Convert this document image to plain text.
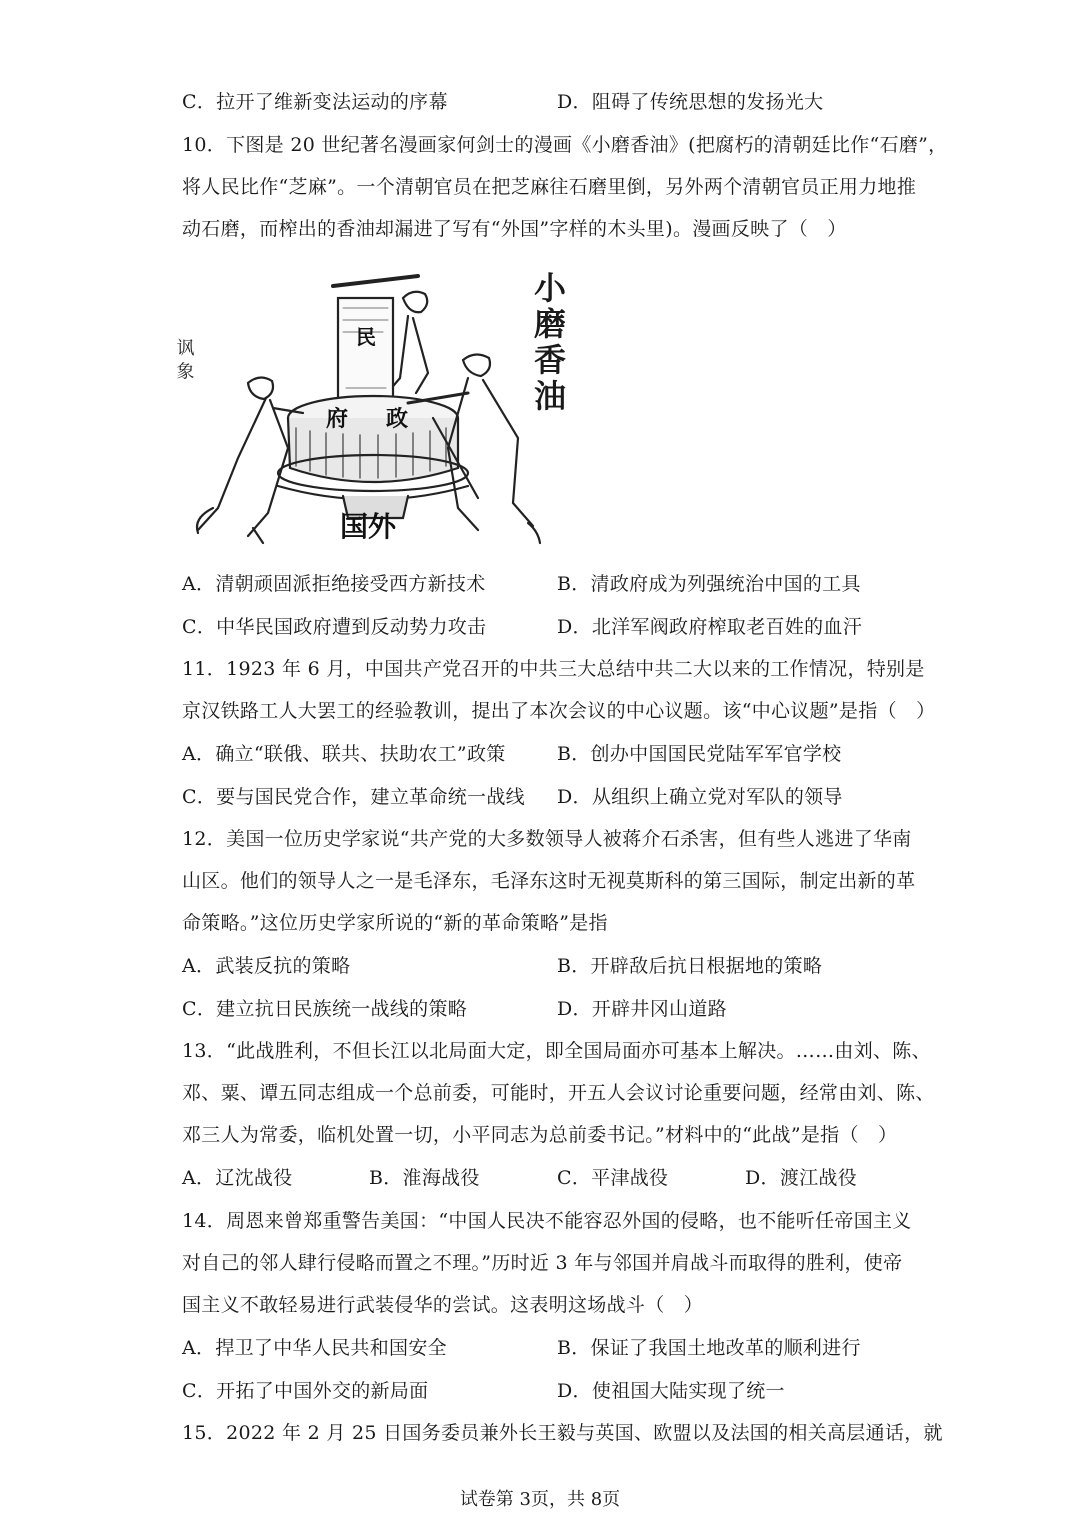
C．拉开了维新变法运动的序幕	D．阻碍了传统思想的发扬光大
10．下图是 20 世纪著名漫画家何剑士的漫画《小磨香油》(把腐朽的清朝廷比作“石磨”，
将人民比作“芝麻”。一个清朝官员在把芝麻往石磨里倒，另外两个清朝官员正用力地推
动石磨，而榨出的香油却漏进了写有“外国”字样的木头里)。漫画反映了（　）
民
府 政
国外
讽 象
小
磨
香
油
A．清朝顽固派拒绝接受西方新技术	B．清政府成为列强统治中国的工具
C．中华民国政府遭到反动势力攻击	D．北洋军阀政府榨取老百姓的血汗
11．1923 年 6 月，中国共产党召开的中共三大总结中共二大以来的工作情况，特别是
京汉铁路工人大罢工的经验教训，提出了本次会议的中心议题。该“中心议题”是指（　）
A．确立“联俄、联共、扶助农工”政策	B．创办中国国民党陆军军官学校
C．要与国民党合作，建立革命统一战线 D．从组织上确立党对军队的领导
12．美国一位历史学家说“共产党的大多数领导人被蒋介石杀害，但有些人逃进了华南
山区。他们的领导人之一是毛泽东，毛泽东这时无视莫斯科的第三国际，制定出新的革
命策略。”这位历史学家所说的“新的革命策略”是指
A．武装反抗的策略	B．开辟敌后抗日根据地的策略
C．建立抗日民族统一战线的策略	D．开辟井冈山道路
13．“此战胜利，不但长江以北局面大定，即全国局面亦可基本上解决。……由刘、陈、
邓、粟、谭五同志组成一个总前委，可能时，开五人会议讨论重要问题，经常由刘、陈、
邓三人为常委，临机处置一切，小平同志为总前委书记。”材料中的“此战”是指（　）
A．辽沈战役	B．淮海战役	C．平津战役	D．渡江战役
14．周恩来曾郑重警告美国：“中国人民决不能容忍外国的侵略，也不能听任帝国主义
对自己的邻人肆行侵略而置之不理。”历时近 3 年与邻国并肩战斗而取得的胜利，使帝
国主义不敢轻易进行武装侵华的尝试。这表明这场战斗（　）
A．捍卫了中华人民共和国安全	B．保证了我国土地改革的顺利进行
C．开拓了中国外交的新局面	D．使祖国大陆实现了统一
15．2022 年 2 月 25 日国务委员兼外长王毅与英国、欧盟以及法国的相关高层通话，就
试卷第 3页，共 8页
